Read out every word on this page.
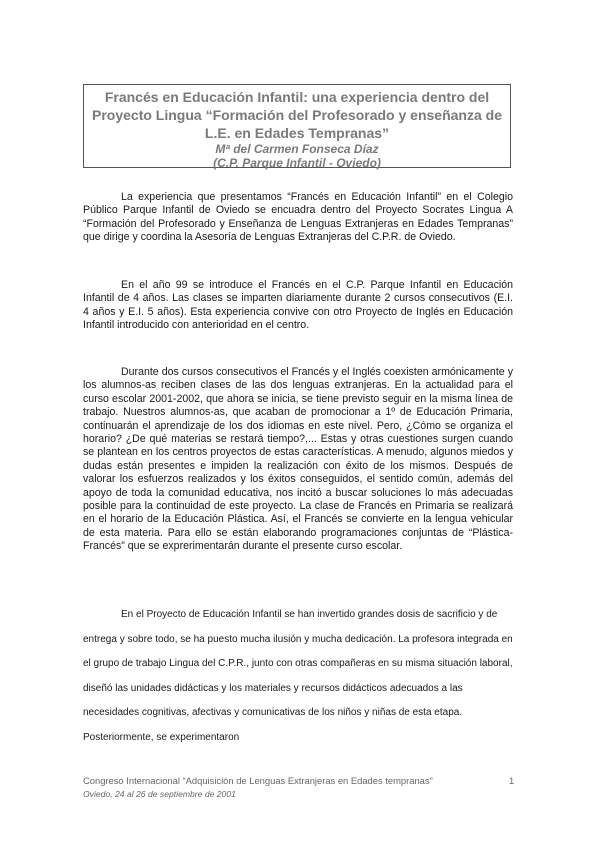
Francés en Educación Infantil: una experiencia dentro del

Proyecto Lingua “Formación del Profesorado y enseñanza de

L.E. en Edades Tempranas”

Mª del Carmen Fonseca Díaz

(C.P. Parque Infantil - Oviedo)

La experiencia que presentamos “Francés en Educación Infantil” en el Colegio Público Parque Infantil de Oviedo se encuadra dentro del Proyecto Socrates Lingua A “Formación del Profesorado y Enseñanza de Lenguas Extranjeras en Edades Tempranas” que dirige y coordina la Asesoría de Lenguas Extranjeras del C.P.R. de Oviedo.

En el año 99 se introduce el Francés en el C.P. Parque Infantil en Educación Infantil de 4 años. Las clases se imparten diariamente durante 2 cursos consecutivos (E.I. 4 años y E.I. 5 años). Esta experiencia convive con otro Proyecto de Inglés en Educación Infantil introducido con anterioridad en el centro.

Durante dos cursos consecutivos el Francés y el Inglés coexisten armónicamente y los alumnos-as reciben clases de las dos lenguas extranjeras. En la actualidad para el curso escolar 2001-2002, que ahora se inicia, se tiene previsto seguir en la misma línea de trabajo. Nuestros alumnos-as, que acaban de promocionar a 1º de Educación Primaria, continuarán el aprendizaje de los dos idiomas en este nivel. Pero, ¿Cómo se organiza el horario? ¿De qué materias se restará tiempo?,... Estas y otras cuestiones surgen cuando se plantean en los centros proyectos de estas características. A menudo, algunos miedos y dudas están presentes e impiden la realización con éxito de los mismos. Después de valorar los esfuerzos realizados y los éxitos conseguidos, el sentido común, además del apoyo de toda la comunidad educativa, nos incitó a buscar soluciones lo más adecuadas posible para la continuidad de este proyecto. La clase de Francés en Primaria se realizará en el horario de la Educación Plástica. Así, el Francés se convierte en la lengua vehicular de esta materia. Para ello se están elaborando programaciones conjuntas de “Plástica-Francés” que se exprerimentarán durante el presente curso escolar.

En el Proyecto de Educación Infantil se han invertido grandes dosis de sacrificio y de entrega y sobre todo, se ha puesto mucha ilusión y mucha dedicación. La profesora integrada en el grupo de trabajo Lingua del C.P.R., junto con otras compañeras en su misma situación laboral, diseñó las unidades didácticas y los materiales y recursos didácticos adecuados a las necesidades cognitivas, afectivas y comunicativas de los niños y niñas de esta etapa. Posteriormente, se experimentaron

Congreso Internacional “Adquisición de Lenguas Extranjeras en Edades tempranas”	1

Oviedo, 24 al 26 de septiembre de 2001
